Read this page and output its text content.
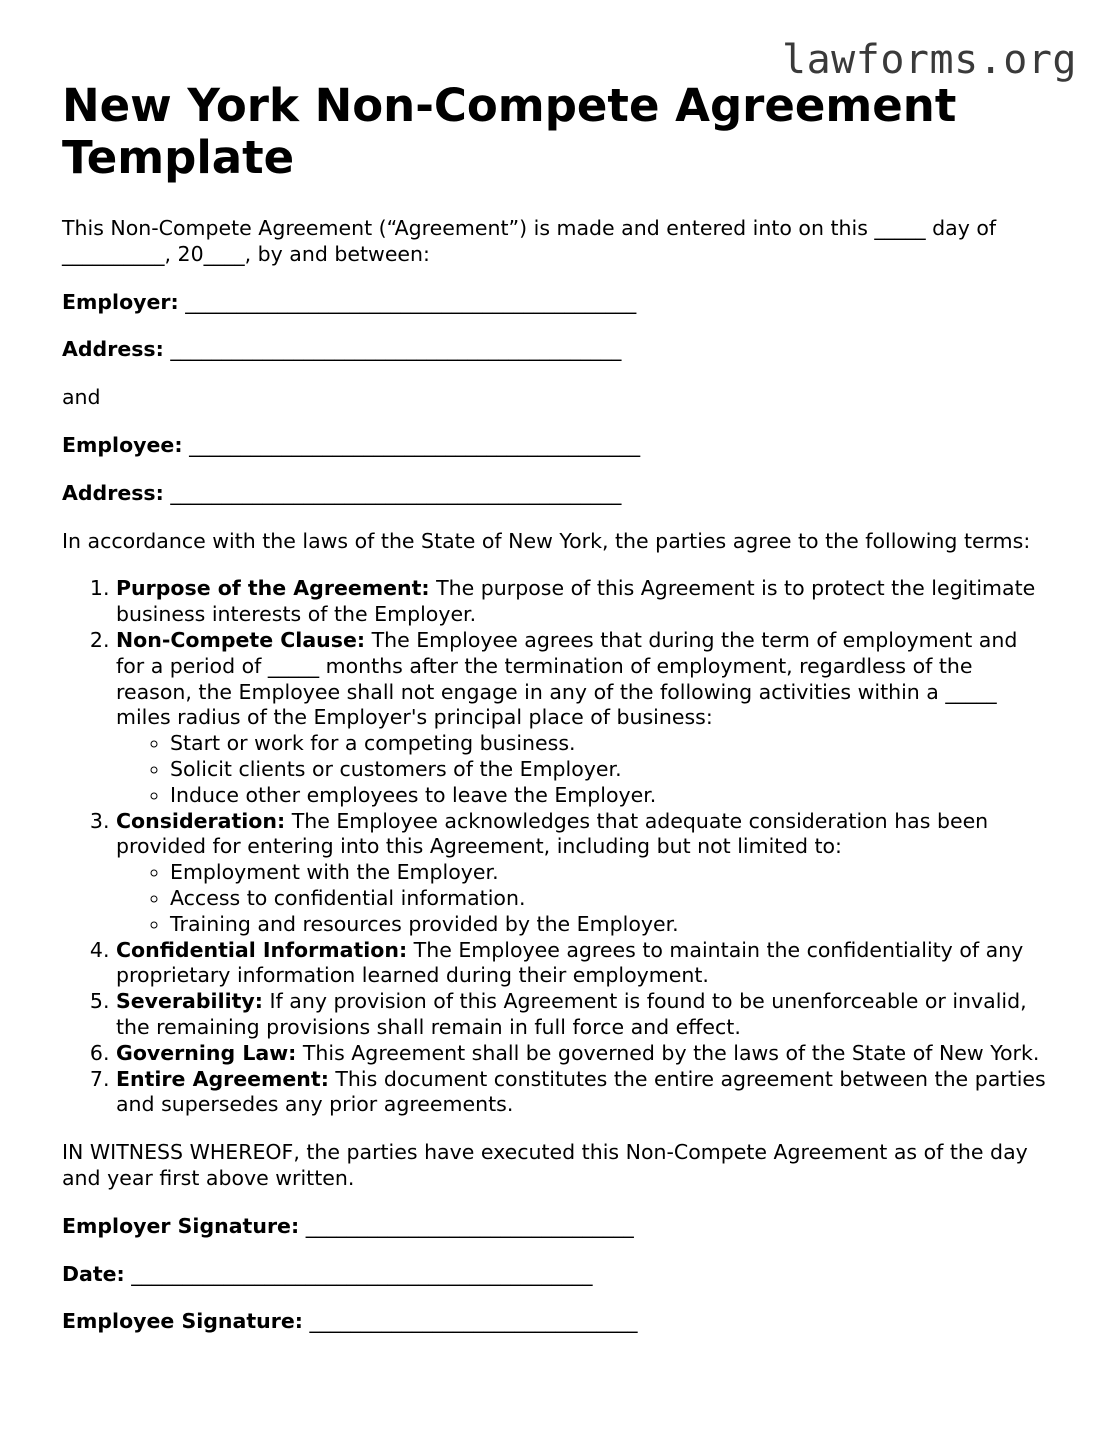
lawforms.org
New York Non-Compete Agreement Template

This Non-Compete Agreement (“Agreement”) is made and entered into on this _____ day of __________, 20____, by and between:

Employer: ____________________________________________

Address: ____________________________________________

and

Employee: ____________________________________________

Address: ____________________________________________

In accordance with the laws of the State of New York, the parties agree to the following terms:

1. Purpose of the Agreement: The purpose of this Agreement is to protect the legitimate business interests of the Employer.
2. Non-Compete Clause: The Employee agrees that during the term of employment and for a period of _____ months after the termination of employment, regardless of the reason, the Employee shall not engage in any of the following activities within a _____ miles radius of the Employer's principal place of business:
◦ Start or work for a competing business.
◦ Solicit clients or customers of the Employer.
◦ Induce other employees to leave the Employer.
3. Consideration: The Employee acknowledges that adequate consideration has been provided for entering into this Agreement, including but not limited to:
◦ Employment with the Employer.
◦ Access to confidential information.
◦ Training and resources provided by the Employer.
4. Confidential Information: The Employee agrees to maintain the confidentiality of any proprietary information learned during their employment.
5. Severability: If any provision of this Agreement is found to be unenforceable or invalid, the remaining provisions shall remain in full force and effect.
6. Governing Law: This Agreement shall be governed by the laws of the State of New York.
7. Entire Agreement: This document constitutes the entire agreement between the parties and supersedes any prior agreements.

IN WITNESS WHEREOF, the parties have executed this Non-Compete Agreement as of the day and year first above written.

Employer Signature: ________________________________

Date: _____________________________________________

Employee Signature: ________________________________
